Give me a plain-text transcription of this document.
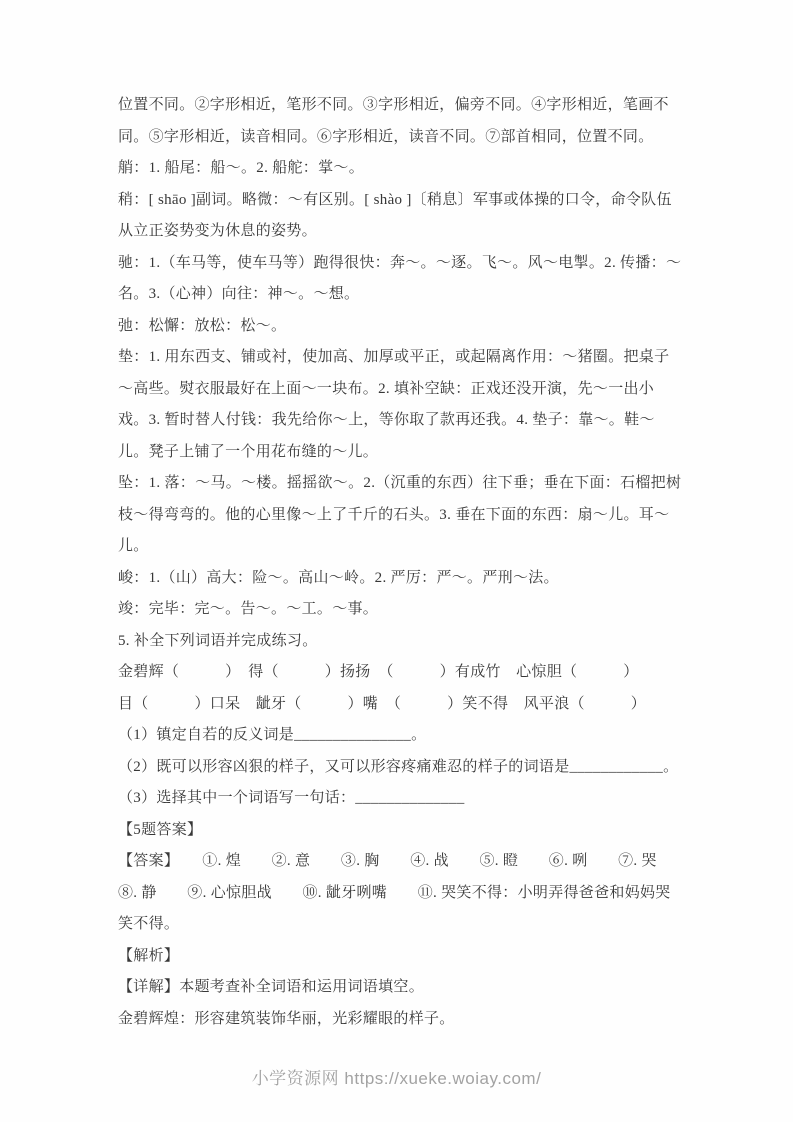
位置不同。②字形相近，笔形不同。③字形相近，偏旁不同。④字形相近，笔画不同。⑤字形相近，读音相同。⑥字形相近，读音不同。⑦部首相同，位置不同。

艄：1. 船尾：船～。2. 船舵：掌～。

稍：[ shāo ]副词。略微：～有区别。[ shào ]〔稍息〕军事或体操的口令，命令队伍从立正姿势变为休息的姿势。

驰：1.（车马等，使车马等）跑得很快：奔～。～逐。飞～。风～电掣。2. 传播：～名。3.（心神）向往：神～。～想。

弛：松懈：放松：松～。

垫：1. 用东西支、铺或衬，使加高、加厚或平正，或起隔离作用：～猪圈。把桌子～高些。熨衣服最好在上面～一块布。2. 填补空缺：正戏还没开演，先～一出小戏。3. 暂时替人付钱：我先给你～上，等你取了款再还我。4. 垫子：靠～。鞋～儿。凳子上铺了一个用花布缝的～儿。

坠：1. 落：～马。～楼。摇摇欲～。2.（沉重的东西）往下垂；垂在下面：石榴把树枝～得弯弯的。他的心里像～上了千斤的石头。3. 垂在下面的东西：扇～儿。耳～儿。

峻：1.（山）高大：险～。高山～岭。2. 严厉：严～。严刑～法。

竣：完毕：完～。告～。～工。～事。

5. 补全下列词语并完成练习。

金碧辉（　　　）　得（　　　）扬扬　（　　　）有成竹　心惊胆（　　　）

目（　　　）口呆　龇牙（　　　）嘴　（　　　）笑不得　风平浪（　　　）

（1）镇定自若的反义词是_______________。

（2）既可以形容凶狠的样子，又可以形容疼痛难忍的样子的词语是____________。

（3）选择其中一个词语写一句话：______________

【5题答案】

【答案】　　①. 煌　　②. 意　　③. 胸　　④. 战　　⑤. 瞪　　⑥. 咧　　⑦. 哭　　⑧. 静　　⑨. 心惊胆战　　⑩. 龇牙咧嘴　　⑪. 哭笑不得：小明弄得爸爸和妈妈哭笑不得。

【解析】

【详解】本题考查补全词语和运用词语填空。

金碧辉煌：形容建筑装饰华丽，光彩耀眼的样子。

小学资源网 https://xueke.woiay.com/
